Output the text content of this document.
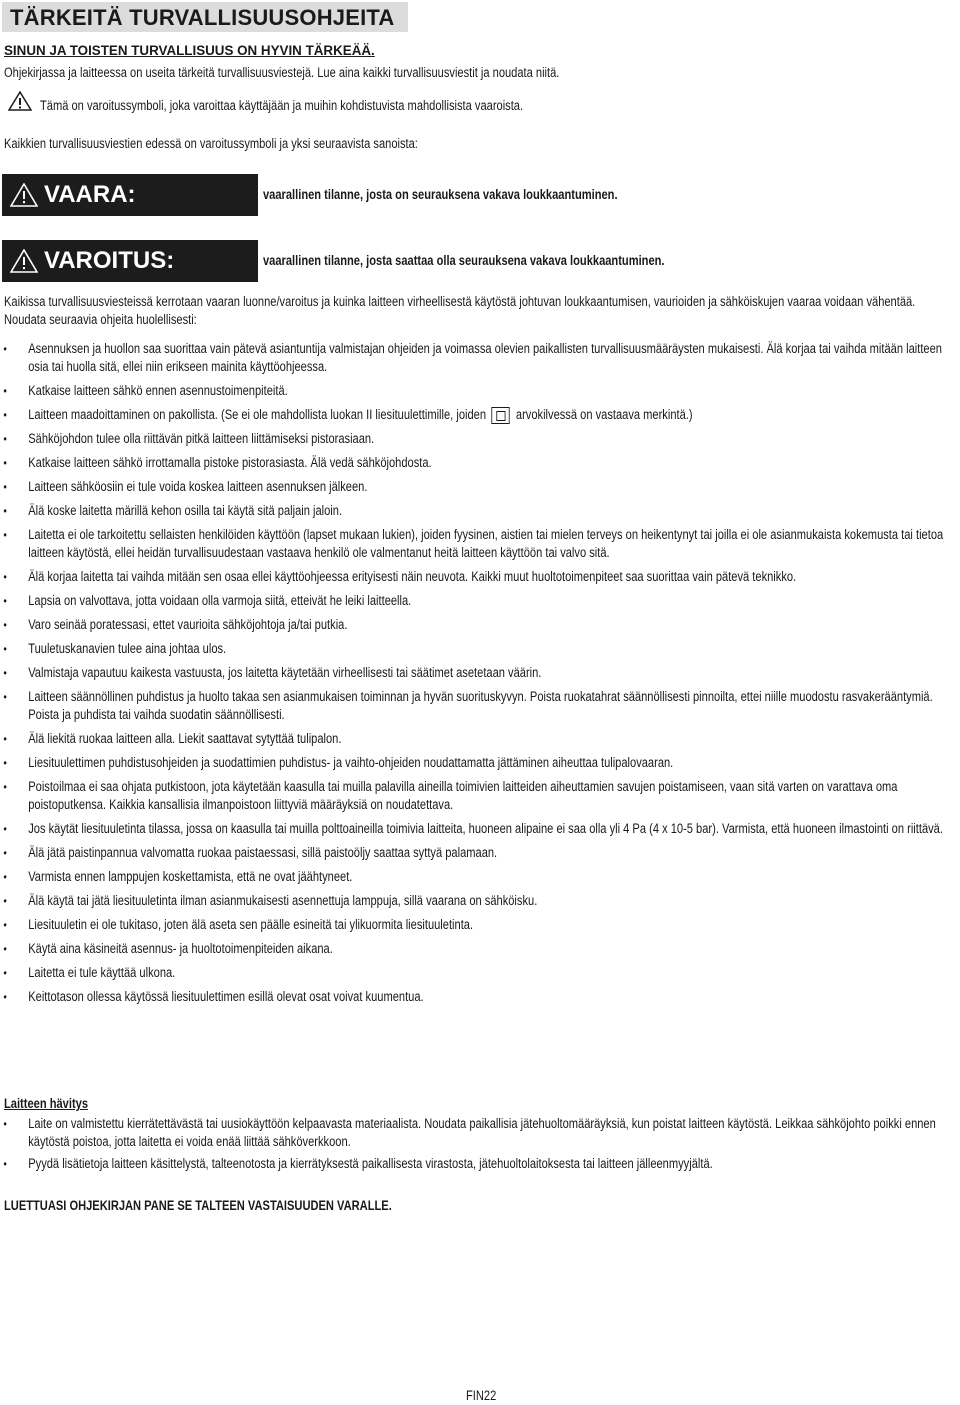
TÄRKEITÄ TURVALLISUUSOHJEITA
SINUN JA TOISTEN TURVALLISUUS ON HYVIN TÄRKEÄÄ.
Ohjekirjassa ja laitteessa on useita tärkeitä turvallisuusviestejä. Lue aina kaikki turvallisuusviestit ja noudata niitä.
Tämä on varoitussymboli, joka varoittaa käyttäjään ja muihin kohdistuvista mahdollisista vaaroista.
Kaikkien turvallisuusviestien edessä on varoitussymboli ja yksi seuraavista sanoista:
VAARA:	vaarallinen tilanne, josta on seurauksena vakava loukkaantuminen.
VAROITUS:	vaarallinen tilanne, josta saattaa olla seurauksena vakava loukkaantuminen.
Kaikissa turvallisuusviesteissä kerrotaan vaaran luonne/varoitus ja kuinka laitteen virheellisestä käytöstä johtuvan loukkaantumisen, vaurioiden ja sähköiskujen vaaraa voidaan vähentää. Noudata seuraavia ohjeita huolellisesti:
• Asennuksen ja huollon saa suorittaa vain pätevä asiantuntija valmistajan ohjeiden ja voimassa olevien paikallisten turvallisuusmääräysten mukaisesti. Älä korjaa tai vaihda mitään laitteen osia tai huolla sitä, ellei niin erikseen mainita käyttöohjeessa.
• Katkaise laitteen sähkö ennen asennustoimenpiteitä.
• Laitteen maadoittaminen on pakollista. (Se ei ole mahdollista luokan II liesituulettimille, joiden arvokilvessä on vastaava merkintä.)
• Sähköjohdon tulee olla riittävän pitkä laitteen liittämiseksi pistorasiaan.
• Katkaise laitteen sähkö irrottamalla pistoke pistorasiasta. Älä vedä sähköjohdosta.
• Laitteen sähköosiin ei tule voida koskea laitteen asennuksen jälkeen.
• Älä koske laitetta märillä kehon osilla tai käytä sitä paljain jaloin.
• Laitetta ei ole tarkoitettu sellaisten henkilöiden käyttöön (lapset mukaan lukien), joiden fyysinen, aistien tai mielen terveys on heikentynyt tai joilla ei ole asianmukaista kokemusta tai tietoa laitteen käytöstä, ellei heidän turvallisuudestaan vastaava henkilö ole valmentanut heitä laitteen käyttöön tai valvo sitä.
• Älä korjaa laitetta tai vaihda mitään sen osaa ellei käyttöohjeessa erityisesti näin neuvota. Kaikki muut huoltotoimenpiteet saa suorittaa vain pätevä teknikko.
• Lapsia on valvottava, jotta voidaan olla varmoja siitä, etteivät he leiki laitteella.
• Varo seinää poratessasi, ettet vaurioita sähköjohtoja ja/tai putkia.
• Tuuletuskanavien tulee aina johtaa ulos.
• Valmistaja vapautuu kaikesta vastuusta, jos laitetta käytetään virheellisesti tai säätimet asetetaan väärin.
• Laitteen säännöllinen puhdistus ja huolto takaa sen asianmukaisen toiminnan ja hyvän suorituskyvyn. Poista ruokatahrat säännöllisesti pinnoilta, ettei niille muodostu rasvakerääntymiä. Poista ja puhdista tai vaihda suodatin säännöllisesti.
• Älä liekitä ruokaa laitteen alla. Liekit saattavat sytyttää tulipalon.
• Liesituulettimen puhdistusohjeiden ja suodattimien puhdistus- ja vaihto-ohjeiden noudattamatta jättäminen aiheuttaa tulipalovaaran.
• Poistoilmaa ei saa ohjata putkistoon, jota käytetään kaasulla tai muilla palavilla aineilla toimivien laitteiden aiheuttamien savujen poistamiseen, vaan sitä varten on varattava oma poistoputkensa. Kaikkia kansallisia ilmanpoistoon liittyviä määräyksiä on noudatettava.
• Jos käytät liesituuletinta tilassa, jossa on kaasulla tai muilla polttoaineilla toimivia laitteita, huoneen alipaine ei saa olla yli 4 Pa (4 x 10-5 bar). Varmista, että huoneen ilmastointi on riittävä.
• Älä jätä paistinpannua valvomatta ruokaa paistaessasi, sillä paistoöljy saattaa syttyä palamaan.
• Varmista ennen lamppujen koskettamista, että ne ovat jäähtyneet.
• Älä käytä tai jätä liesituuletinta ilman asianmukaisesti asennettuja lamppuja, sillä vaarana on sähköisku.
• Liesituuletin ei ole tukitaso, joten älä aseta sen päälle esineitä tai ylikuormita liesituuletinta.
• Käytä aina käsineitä asennus- ja huoltotoimenpiteiden aikana.
• Laitetta ei tule käyttää ulkona.
• Keittotason ollessa käytössä liesituulettimen esillä olevat osat voivat kuumentua.
Laitteen hävitys
• Laite on valmistettu kierrätettävästä tai uusiokäyttöön kelpaavasta materiaalista. Noudata paikallisia jätehuoltomääräyksiä, kun poistat laitteen käytöstä. Leikkaa sähköjohto poikki ennen käytöstä poistoa, jotta laitetta ei voida enää liittää sähköverkkoon.
• Pyydä lisätietoja laitteen käsittelystä, talteenotosta ja kierrätyksestä paikallisesta virastosta, jätehuoltolaitoksesta tai laitteen jälleenmyyjältä.
LUETTUASI OHJEKIRJAN PANE SE TALTEEN VASTAISUUDEN VARALLE.
FIN22
